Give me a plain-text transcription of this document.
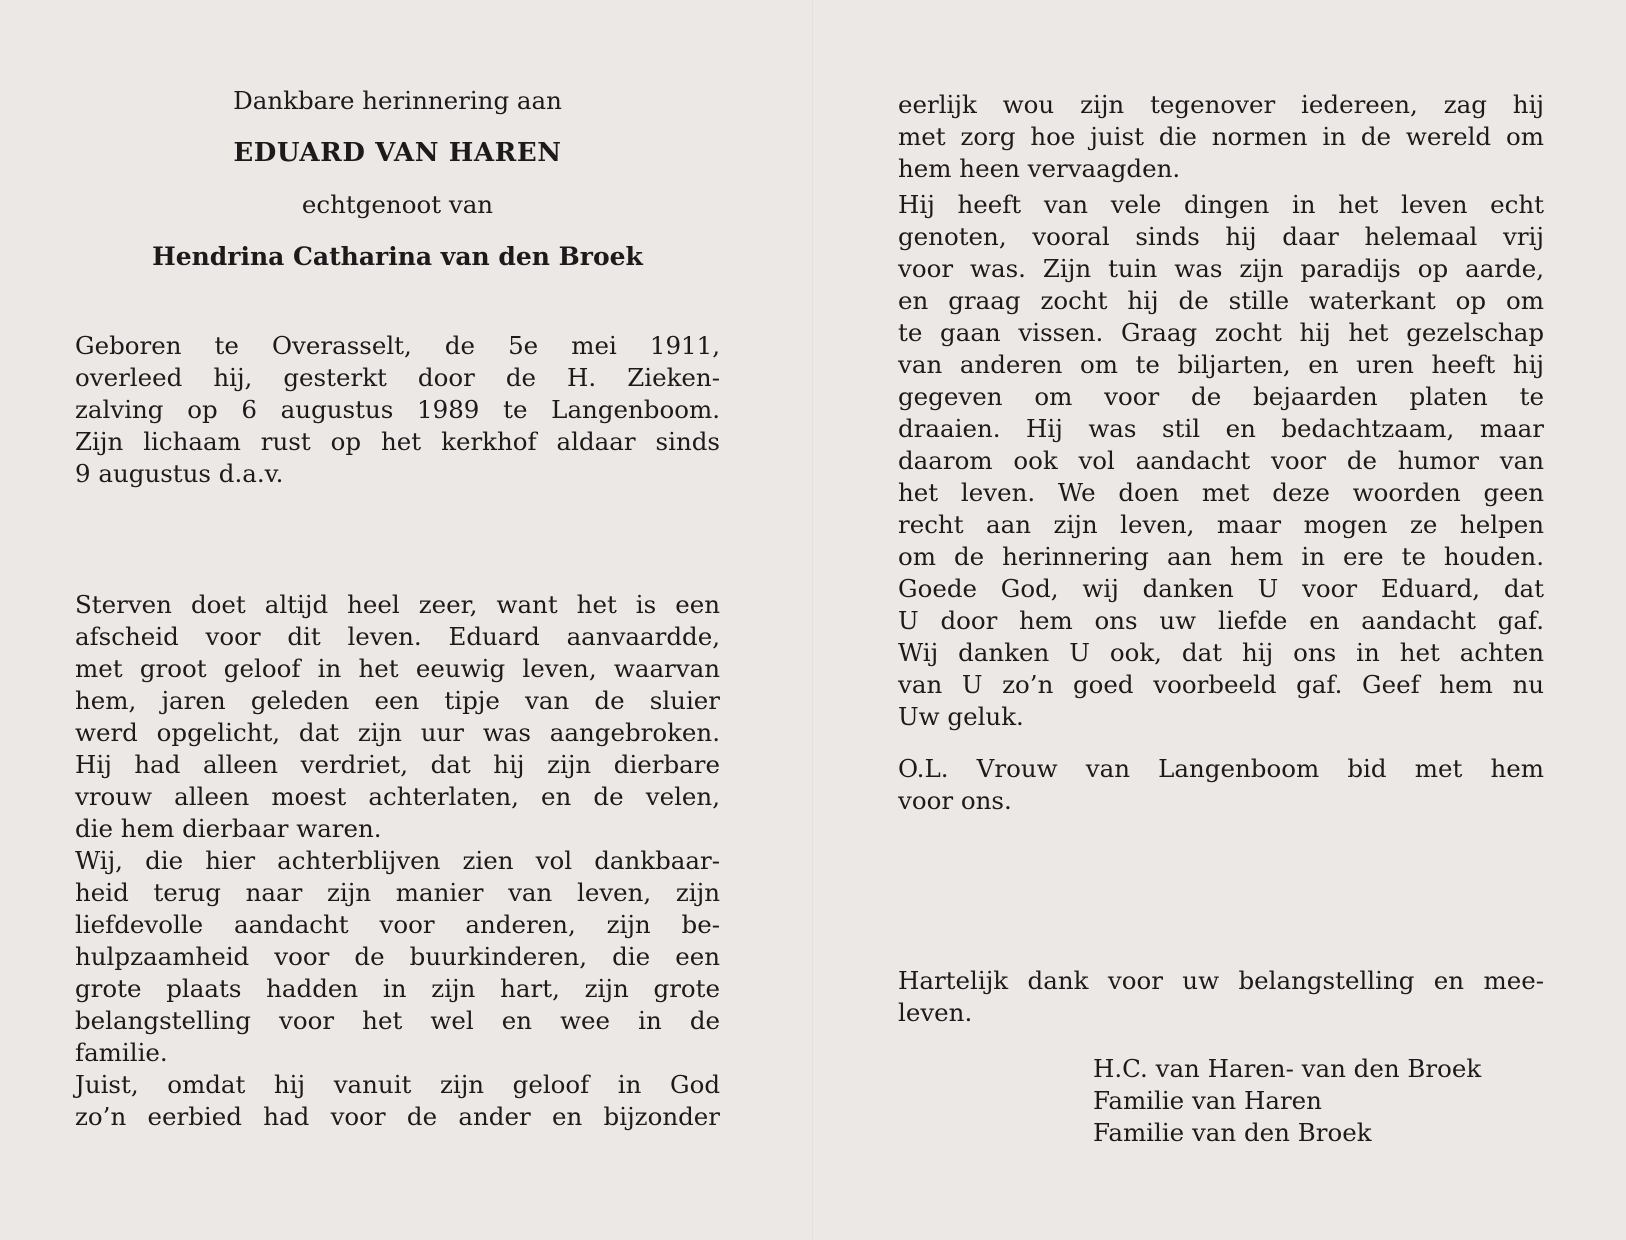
Dankbare herinnering aan
EDUARD VAN HAREN
echtgenoot van
Hendrina Catharina van den Broek
Geboren te Overasselt, de 5e mei 1911,
overleed hij, gesterkt door de H. Zieken-
zalving op 6 augustus 1989 te Langenboom.
Zijn lichaam rust op het kerkhof aldaar sinds
9 augustus d.a.v.
Sterven doet altijd heel zeer, want het is een
afscheid voor dit leven. Eduard aanvaardde,
met groot geloof in het eeuwig leven, waarvan
hem, jaren geleden een tipje van de sluier
werd opgelicht, dat zijn uur was aangebroken.
Hij had alleen verdriet, dat hij zijn dierbare
vrouw alleen moest achterlaten, en de velen,
die hem dierbaar waren.
Wij, die hier achterblijven zien vol dankbaar-
heid terug naar zijn manier van leven, zijn
liefdevolle aandacht voor anderen, zijn be-
hulpzaamheid voor de buurkinderen, die een
grote plaats hadden in zijn hart, zijn grote
belangstelling voor het wel en wee in de
familie.
Juist, omdat hij vanuit zijn geloof in God
zo’n eerbied had voor de ander en bijzonder
eerlijk wou zijn tegenover iedereen, zag hij
met zorg hoe juist die normen in de wereld om
hem heen vervaagden.
Hij heeft van vele dingen in het leven echt
genoten, vooral sinds hij daar helemaal vrij
voor was. Zijn tuin was zijn paradijs op aarde,
en graag zocht hij de stille waterkant op om
te gaan vissen. Graag zocht hij het gezelschap
van anderen om te biljarten, en uren heeft hij
gegeven om voor de bejaarden platen te
draaien. Hij was stil en bedachtzaam, maar
daarom ook vol aandacht voor de humor van
het leven. We doen met deze woorden geen
recht aan zijn leven, maar mogen ze helpen
om de herinnering aan hem in ere te houden.
Goede God, wij danken U voor Eduard, dat
U door hem ons uw liefde en aandacht gaf.
Wij danken U ook, dat hij ons in het achten
van U zo’n goed voorbeeld gaf. Geef hem nu
Uw geluk.
O.L. Vrouw van Langenboom bid met hem
voor ons.
Hartelijk dank voor uw belangstelling en mee-
leven.
H.C. van Haren- van den Broek
Familie van Haren
Familie van den Broek
